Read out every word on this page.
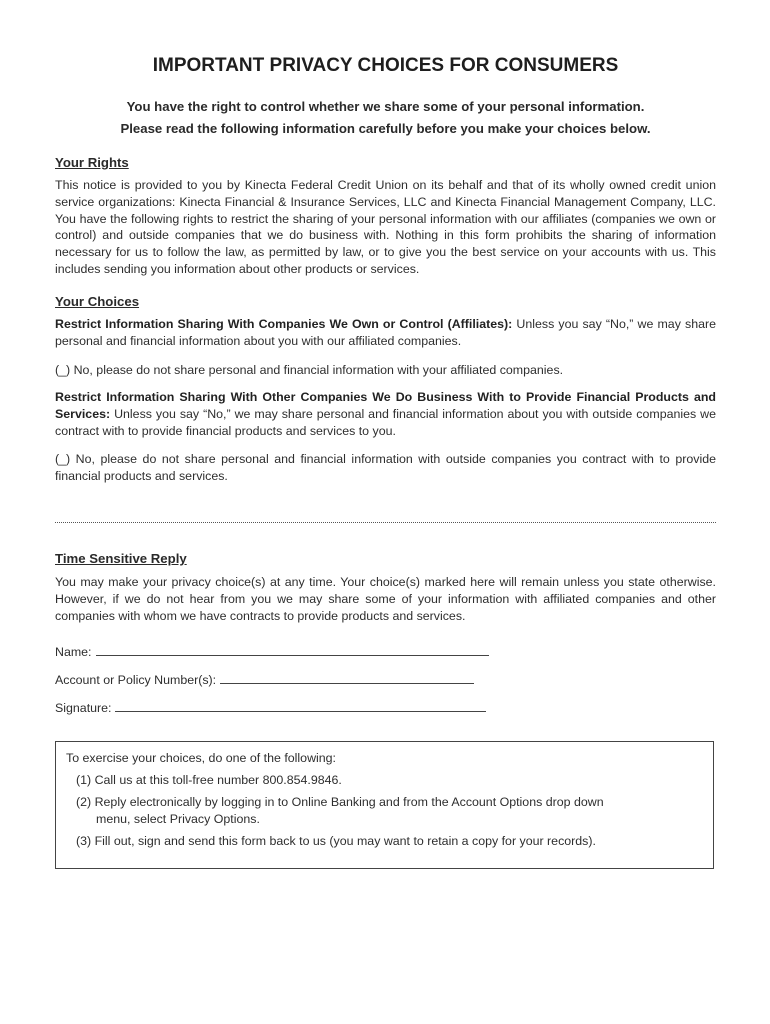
IMPORTANT PRIVACY CHOICES FOR CONSUMERS
You have the right to control whether we share some of your personal information.
Please read the following information carefully before you make your choices below.
Your Rights
This notice is provided to you by Kinecta Federal Credit Union on its behalf and that of its wholly owned credit union service organizations: Kinecta Financial & Insurance Services, LLC and Kinecta Financial Management Company, LLC. You have the following rights to restrict the sharing of your personal information with our affiliates (companies we own or control) and outside companies that we do business with. Nothing in this form prohibits the sharing of information necessary for us to follow the law, as permitted by law, or to give you the best service on your accounts with us. This includes sending you information about other products or services.
Your Choices
Restrict Information Sharing With Companies We Own or Control (Affiliates): Unless you say “No,” we may share personal and financial information about you with our affiliated companies.
(_) No, please do not share personal and financial information with your affiliated companies.
Restrict Information Sharing With Other Companies We Do Business With to Provide Financial Products and Services: Unless you say “No,” we may share personal and financial information about you with outside companies we contract with to provide financial products and services to you.
(_) No, please do not share personal and financial information with outside companies you contract with to provide financial products and services.
Time Sensitive Reply
You may make your privacy choice(s) at any time. Your choice(s) marked here will remain unless you state otherwise. However, if we do not hear from you we may share some of your information with affiliated companies and other companies with whom we have contracts to provide products and services.
Name:
Account or Policy Number(s):
Signature:
To exercise your choices, do one of the following:
(1) Call us at this toll-free number 800.854.9846.
(2) Reply electronically by logging in to Online Banking and from the Account Options drop down
menu, select Privacy Options.
(3) Fill out, sign and send this form back to us (you may want to retain a copy for your records).
